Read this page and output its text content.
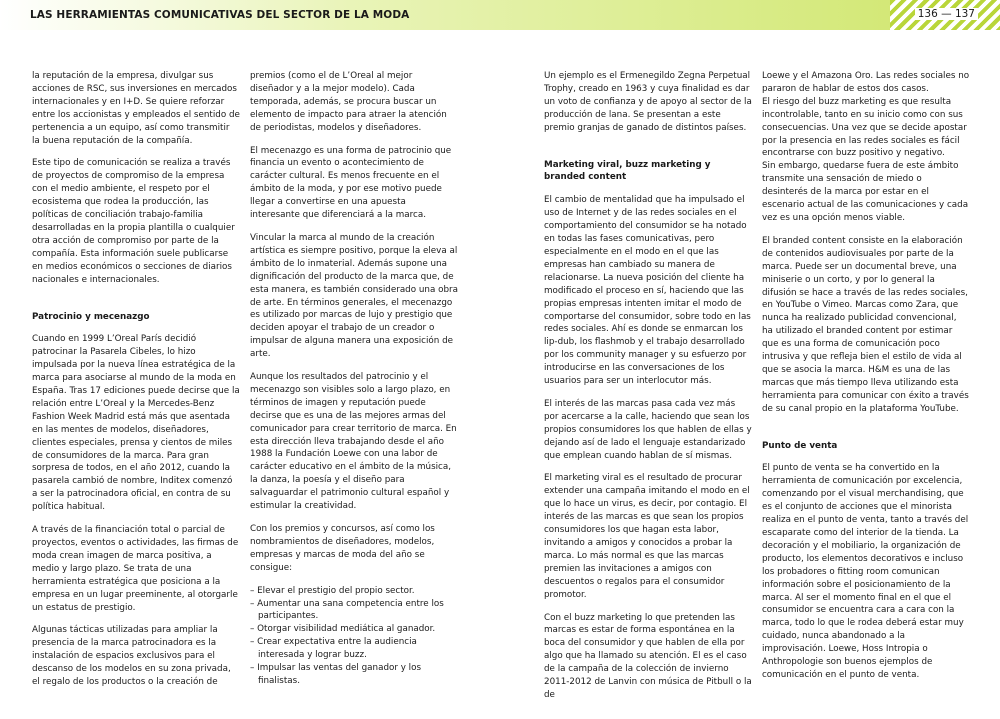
LAS HERRAMIENTAS COMUNICATIVAS DEL SECTOR DE LA MODA	136 — 137

la reputación de la empresa, divulgar sus acciones de RSC, sus inversiones en mercados internacionales y en I+D. Se quiere reforzar entre los accionistas y empleados el sentido de pertenencia a un equipo, así como transmitir la buena reputación de la compañía.

Este tipo de comunicación se realiza a través de proyectos de compromiso de la empresa con el medio ambiente, el respeto por el ecosistema que rodea la producción, las políticas de conciliación trabajo-familia desarrolladas en la propia plantilla o cualquier otra acción de compromiso por parte de la compañía. Esta información suele publicarse en medios económicos o secciones de diarios nacionales e internacionales.

Patrocinio y mecenazgo

Cuando en 1999 L’Oreal París decidió patrocinar la Pasarela Cibeles, lo hizo impulsada por la nueva línea estratégica de la marca para asociarse al mundo de la moda en España. Tras 17 ediciones puede decirse que la relación entre L’Oreal y la Mercedes-Benz Fashion Week Madrid está más que asentada en las mentes de modelos, diseñadores, clientes especiales, prensa y cientos de miles de consumidores de la marca. Para gran sorpresa de todos, en el año 2012, cuando la pasarela cambió de nombre, Inditex comenzó a ser la patrocinadora oficial, en contra de su política habitual.

A través de la financiación total o parcial de proyectos, eventos o actividades, las firmas de moda crean imagen de marca positiva, a medio y largo plazo. Se trata de una herramienta estratégica que posiciona a la empresa en un lugar preeminente, al otorgarle un estatus de prestigio.

Algunas tácticas utilizadas para ampliar la presencia de la marca patrocinadora es la instalación de espacios exclusivos para el descanso de los modelos en su zona privada, el regalo de los productos o la creación de

premios (como el de L’Oreal al mejor diseñador y a la mejor modelo). Cada temporada, además, se procura buscar un elemento de impacto para atraer la atención de periodistas, modelos y diseñadores.

El mecenazgo es una forma de patrocinio que financia un evento o acontecimiento de carácter cultural. Es menos frecuente en el ámbito de la moda, y por ese motivo puede llegar a convertirse en una apuesta interesante que diferenciará a la marca.

Vincular la marca al mundo de la creación artística es siempre positivo, porque la eleva al ámbito de lo inmaterial. Además supone una dignificación del producto de la marca que, de esta manera, es también considerado una obra de arte. En términos generales, el mecenazgo es utilizado por marcas de lujo y prestigio que deciden apoyar el trabajo de un creador o impulsar de alguna manera una exposición de arte.

Aunque los resultados del patrocinio y el mecenazgo son visibles solo a largo plazo, en términos de imagen y reputación puede decirse que es una de las mejores armas del comunicador para crear territorio de marca. En esta dirección lleva trabajando desde el año 1988 la Fundación Loewe con una labor de carácter educativo en el ámbito de la música, la danza, la poesía y el diseño para salvaguardar el patrimonio cultural español y estimular la creatividad.

Con los premios y concursos, así como los nombramientos de diseñadores, modelos, empresas y marcas de moda del año se consigue:

– Elevar el prestigio del propio sector.
– Aumentar una sana competencia entre los participantes.
– Otorgar visibilidad mediática al ganador.
– Crear expectativa entre la audiencia interesada y lograr buzz.
– Impulsar las ventas del ganador y los finalistas.

Un ejemplo es el Ermenegildo Zegna Perpetual Trophy, creado en 1963 y cuya finalidad es dar un voto de confianza y de apoyo al sector de la producción de lana. Se presentan a este premio granjas de ganado de distintos países.

Marketing viral, buzz marketing y branded content

El cambio de mentalidad que ha impulsado el uso de Internet y de las redes sociales en el comportamiento del consumidor se ha notado en todas las fases comunicativas, pero especialmente en el modo en el que las empresas han cambiado su manera de relacionarse. La nueva posición del cliente ha modificado el proceso en sí, haciendo que las propias empresas intenten imitar el modo de comportarse del consumidor, sobre todo en las redes sociales. Ahí es donde se enmarcan los lip-dub, los flashmob y el trabajo desarrollado por los community manager y su esfuerzo por introducirse en las conversaciones de los usuarios para ser un interlocutor más.

El interés de las marcas pasa cada vez más por acercarse a la calle, haciendo que sean los propios consumidores los que hablen de ellas y dejando así de lado el lenguaje estandarizado que emplean cuando hablan de sí mismas.

El marketing viral es el resultado de procurar extender una campaña imitando el modo en el que lo hace un virus, es decir, por contagio. El interés de las marcas es que sean los propios consumidores los que hagan esta labor, invitando a amigos y conocidos a probar la marca. Lo más normal es que las marcas premien las invitaciones a amigos con descuentos o regalos para el consumidor promotor.

Con el buzz marketing lo que pretenden las marcas es estar de forma espontánea en la boca del consumidor y que hablen de ella por algo que ha llamado su atención. El es el caso de la campaña de la colección de invierno 2011-2012 de Lanvin con música de Pitbull o la de

Loewe y el Amazona Oro. Las redes sociales no pararon de hablar de estos dos casos.

El riesgo del buzz marketing es que resulta incontrolable, tanto en su inicio como con sus consecuencias. Una vez que se decide apostar por la presencia en las redes sociales es fácil encontrarse con buzz positivo y negativo.

Sin embargo, quedarse fuera de este ámbito transmite una sensación de miedo o desinterés de la marca por estar en el escenario actual de las comunicaciones y cada vez es una opción menos viable.

El branded content consiste en la elaboración de contenidos audiovisuales por parte de la marca. Puede ser un documental breve, una miniserie o un corto, y por lo general la difusión se hace a través de las redes sociales, en YouTube o Vimeo. Marcas como Zara, que nunca ha realizado publicidad convencional, ha utilizado el branded content por estimar que es una forma de comunicación poco intrusiva y que refleja bien el estilo de vida al que se asocia la marca. H&M es una de las marcas que más tiempo lleva utilizando esta herramienta para comunicar con éxito a través de su canal propio en la plataforma YouTube.

Punto de venta

El punto de venta se ha convertido en la herramienta de comunicación por excelencia, comenzando por el visual merchandising, que es el conjunto de acciones que el minorista realiza en el punto de venta, tanto a través del escaparate como del interior de la tienda. La decoración y el mobiliario, la organización de producto, los elementos decorativos e incluso los probadores o fitting room comunican información sobre el posicionamiento de la marca. Al ser el momento final en el que el consumidor se encuentra cara a cara con la marca, todo lo que le rodea deberá estar muy cuidado, nunca abandonado a la improvisación. Loewe, Hoss Intropia o Anthropologie son buenos ejemplos de comunicación en el punto de venta.
